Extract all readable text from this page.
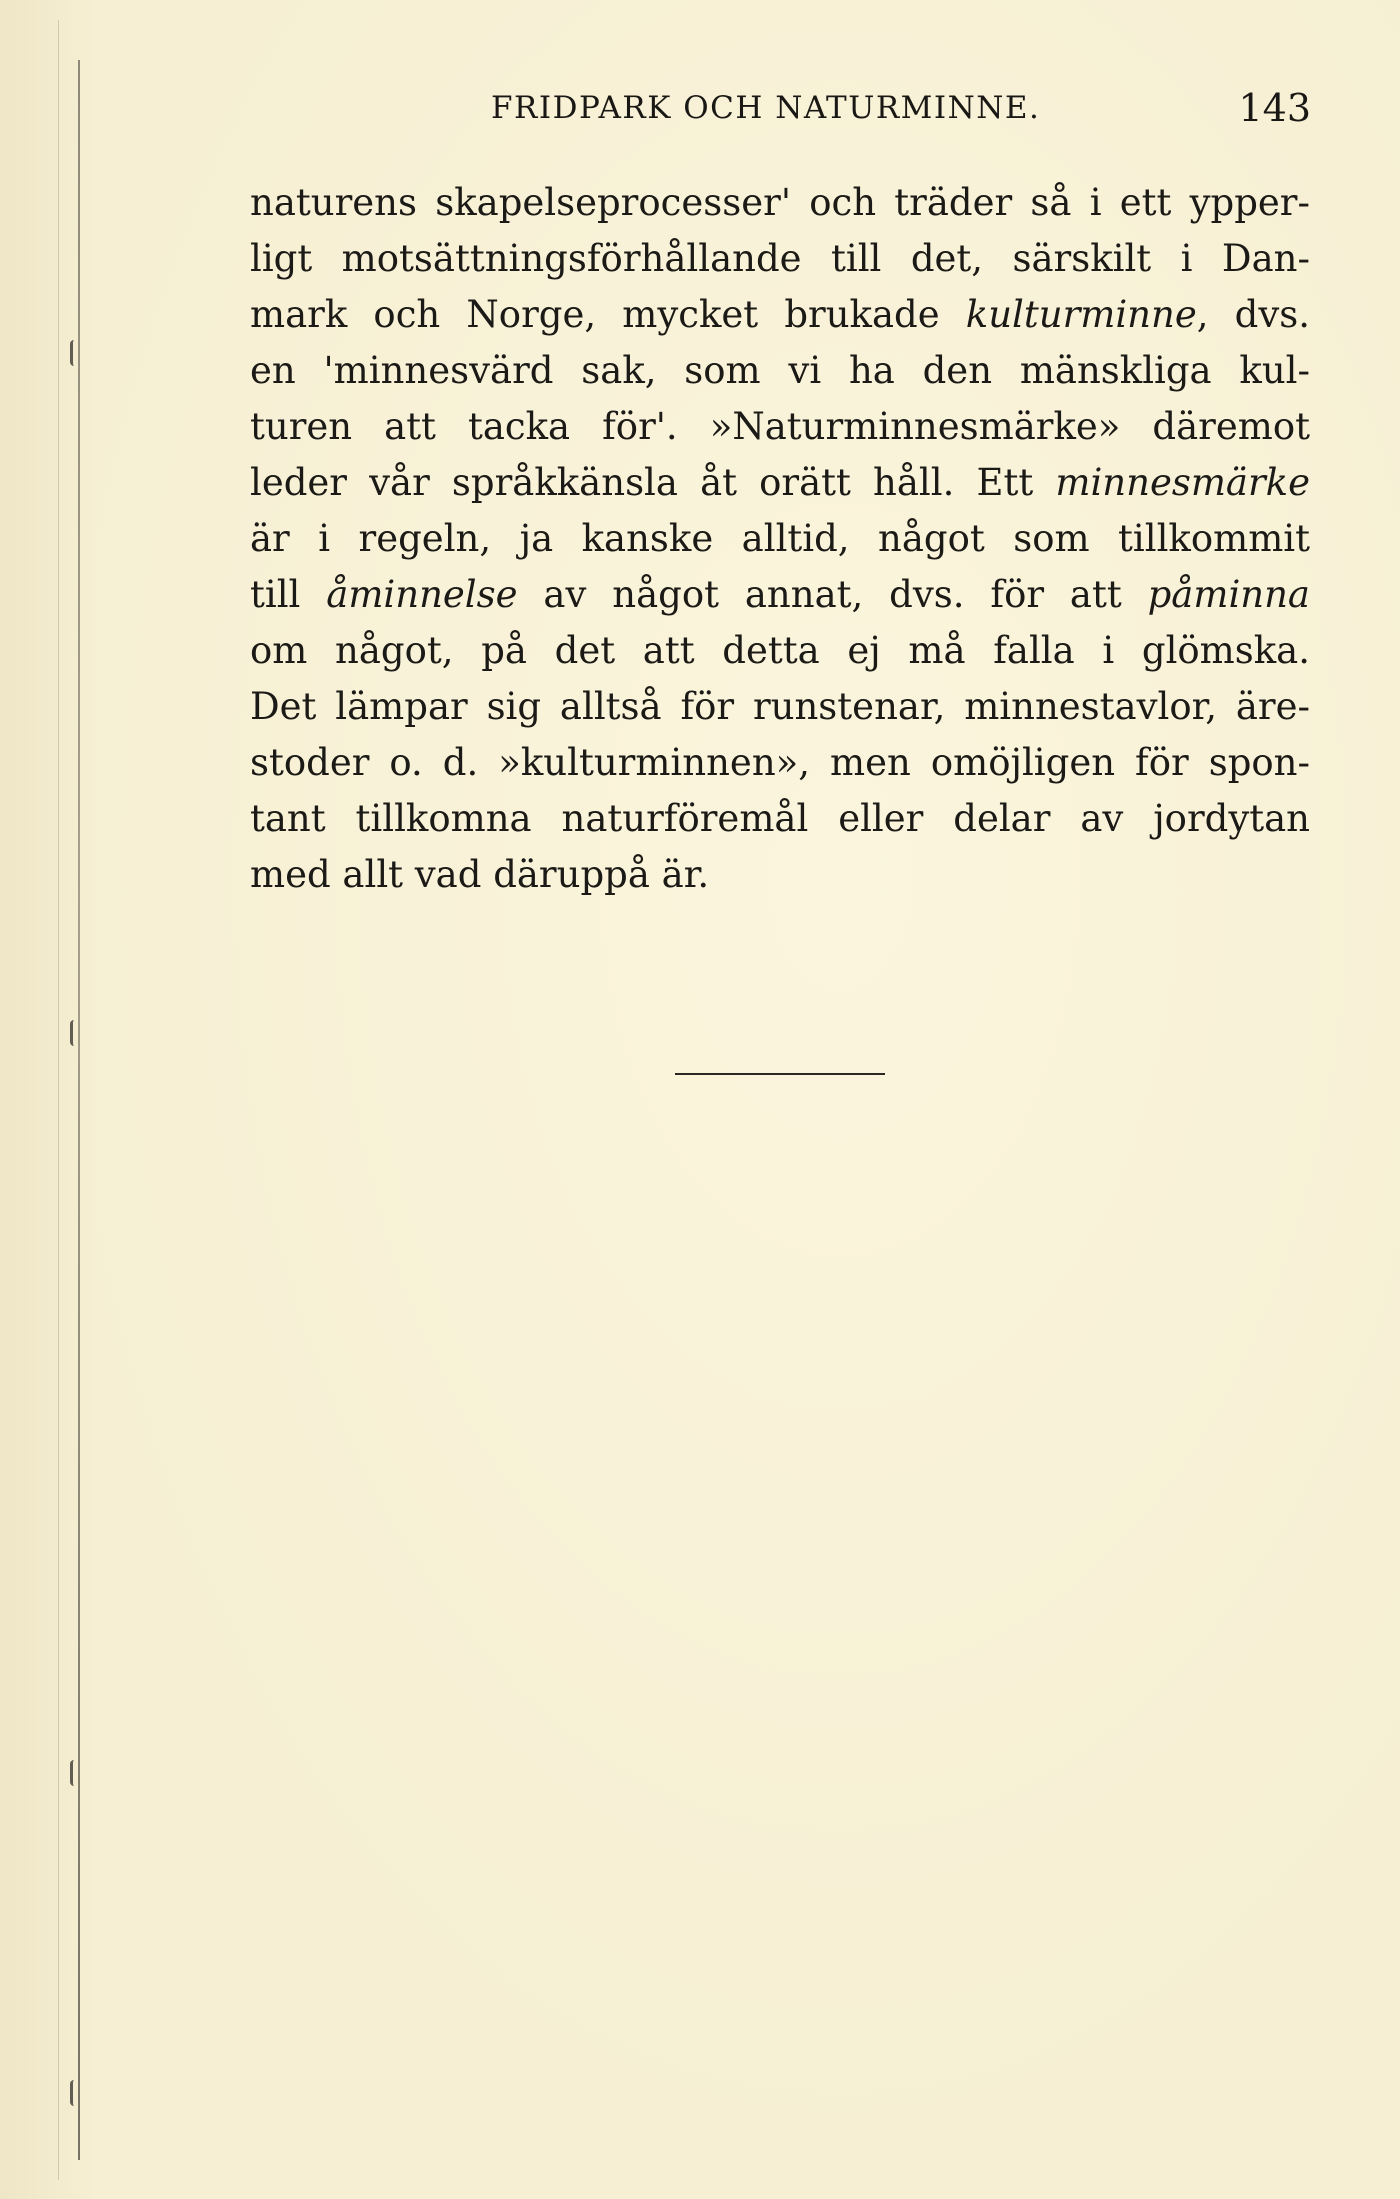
FRIDPARK OCH NATURMINNE.	143
naturens skapelseprocesser' och träder så i ett ypper-
ligt motsättningsförhållande till det, särskilt i Dan-
mark och Norge, mycket brukade kulturminne, dvs.
en 'minnesvärd sak, som vi ha den mänskliga kul-
turen att tacka för'. »Naturminnesmärke» däremot
leder vår språkkänsla åt orätt håll. Ett minnesmärke
är i regeln, ja kanske alltid, något som tillkommit
till åminnelse av något annat, dvs. för att påminna
om något, på det att detta ej må falla i glömska.
Det lämpar sig alltså för runstenar, minnestavlor, äre-
stoder o. d. »kulturminnen», men omöjligen för spon-
tant tillkomna naturföremål eller delar av jordytan
med allt vad däruppå är.
